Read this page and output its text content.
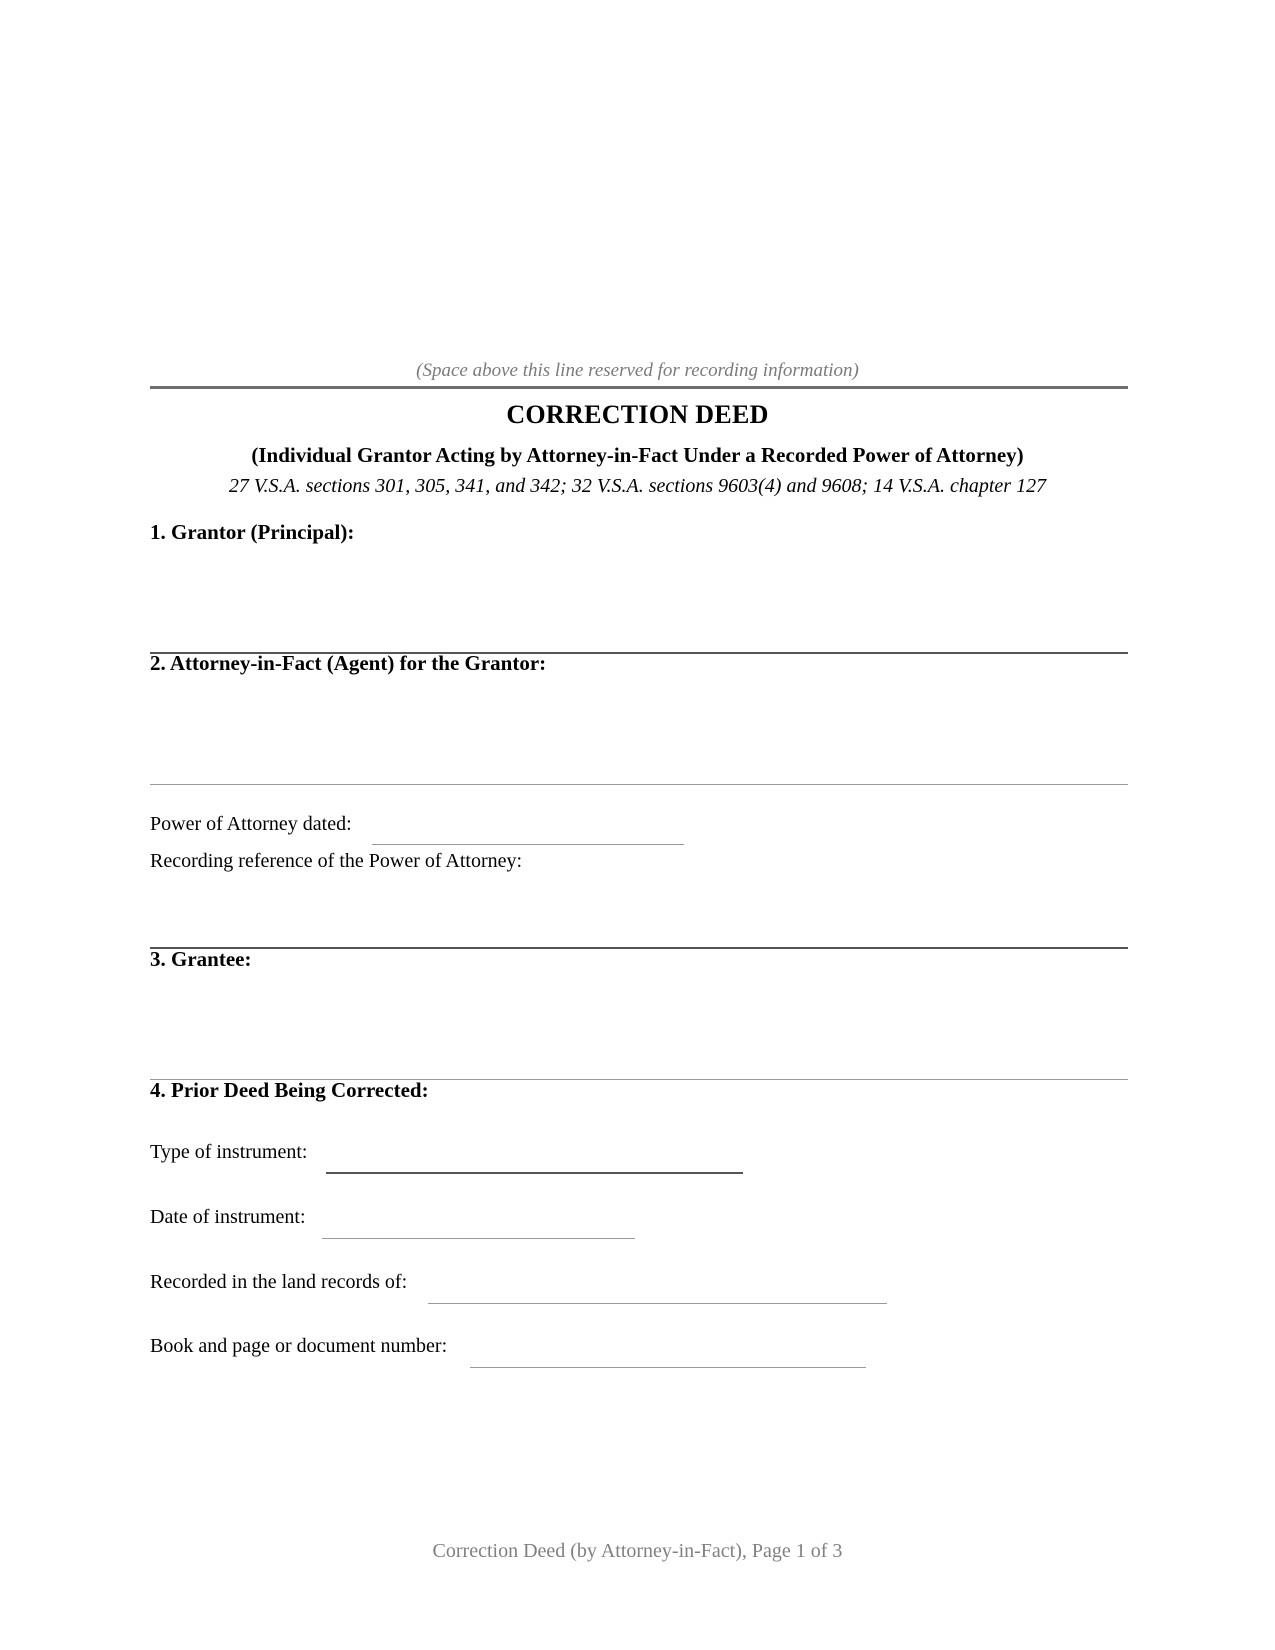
(Space above this line reserved for recording information)
CORRECTION DEED
(Individual Grantor Acting by Attorney-in-Fact Under a Recorded Power of Attorney)
27 V.S.A. sections 301, 305, 341, and 342; 32 V.S.A. sections 9603(4) and 9608; 14 V.S.A. chapter 127
1. Grantor (Principal):
2. Attorney-in-Fact (Agent) for the Grantor:
Power of Attorney dated:
Recording reference of the Power of Attorney:
3. Grantee:
4. Prior Deed Being Corrected:
Type of instrument:
Date of instrument:
Recorded in the land records of:
Book and page or document number:
Correction Deed (by Attorney-in-Fact), Page 1 of 3
